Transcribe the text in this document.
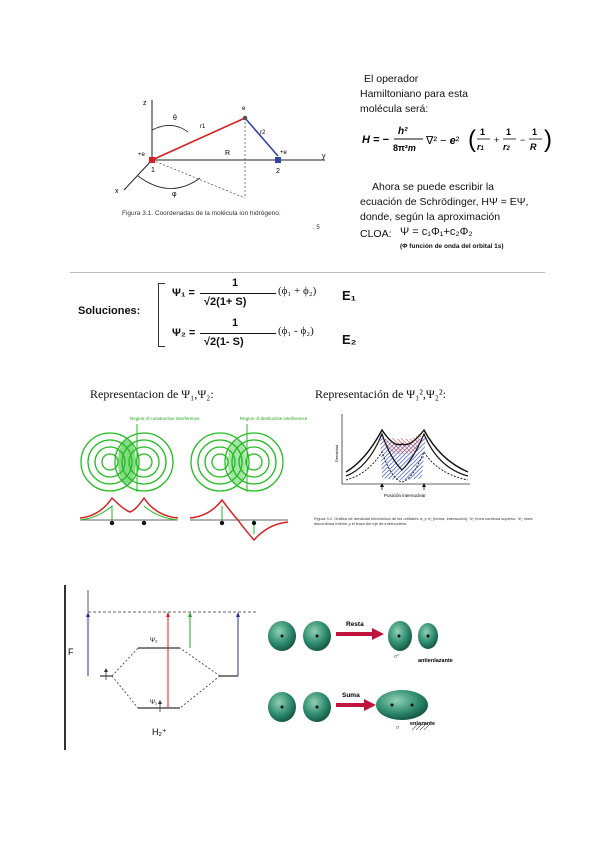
z
x
y
θ
r1
r2
R
φ
e
+e
1
+e
2
Figura 3.1. Coordenadas de la molécula ion hidrógeno.
. 5
El operador Hamiltoniano para esta molécula será:
H = −
h²
8π²m
∇² − e² ( 1
r1
+
1
r2
−
1
R )
Ahora se puede escribir la ecuación de Schrödinger, HΨ = EΨ, donde, según la aproximación
CLOA: Ψ = c₁Φ₁+c₂Φ₂
(Φ función de onda del orbital 1s)
Soluciones:
Ψ₁ =
1
√2(1+ S)
(ϕ₁ + ϕ₂) E₁
Ψ₂ =
1
√2(1- S)
(ϕ₁ - ϕ₂)
E₂
Representacion de Ψ₁,Ψ₂:	Representación de Ψ₁²,Ψ₂²:
Region of constructive interference	Region of destructive interference
Densidad
Posición internuclear
Figura 3.2. Gráfica de densidad electrónica de los orbitales σ₁ y σ₂ (forma, interacción). Ψ₁ línea continua superior, Ψ₂ línea discontinua inferior y el trazo del eje de internúcleos.
F
Ψ₂
Ψ₁
H₂⁺
Resta
σ*
antienlazante
Suma
σ
enlazante
